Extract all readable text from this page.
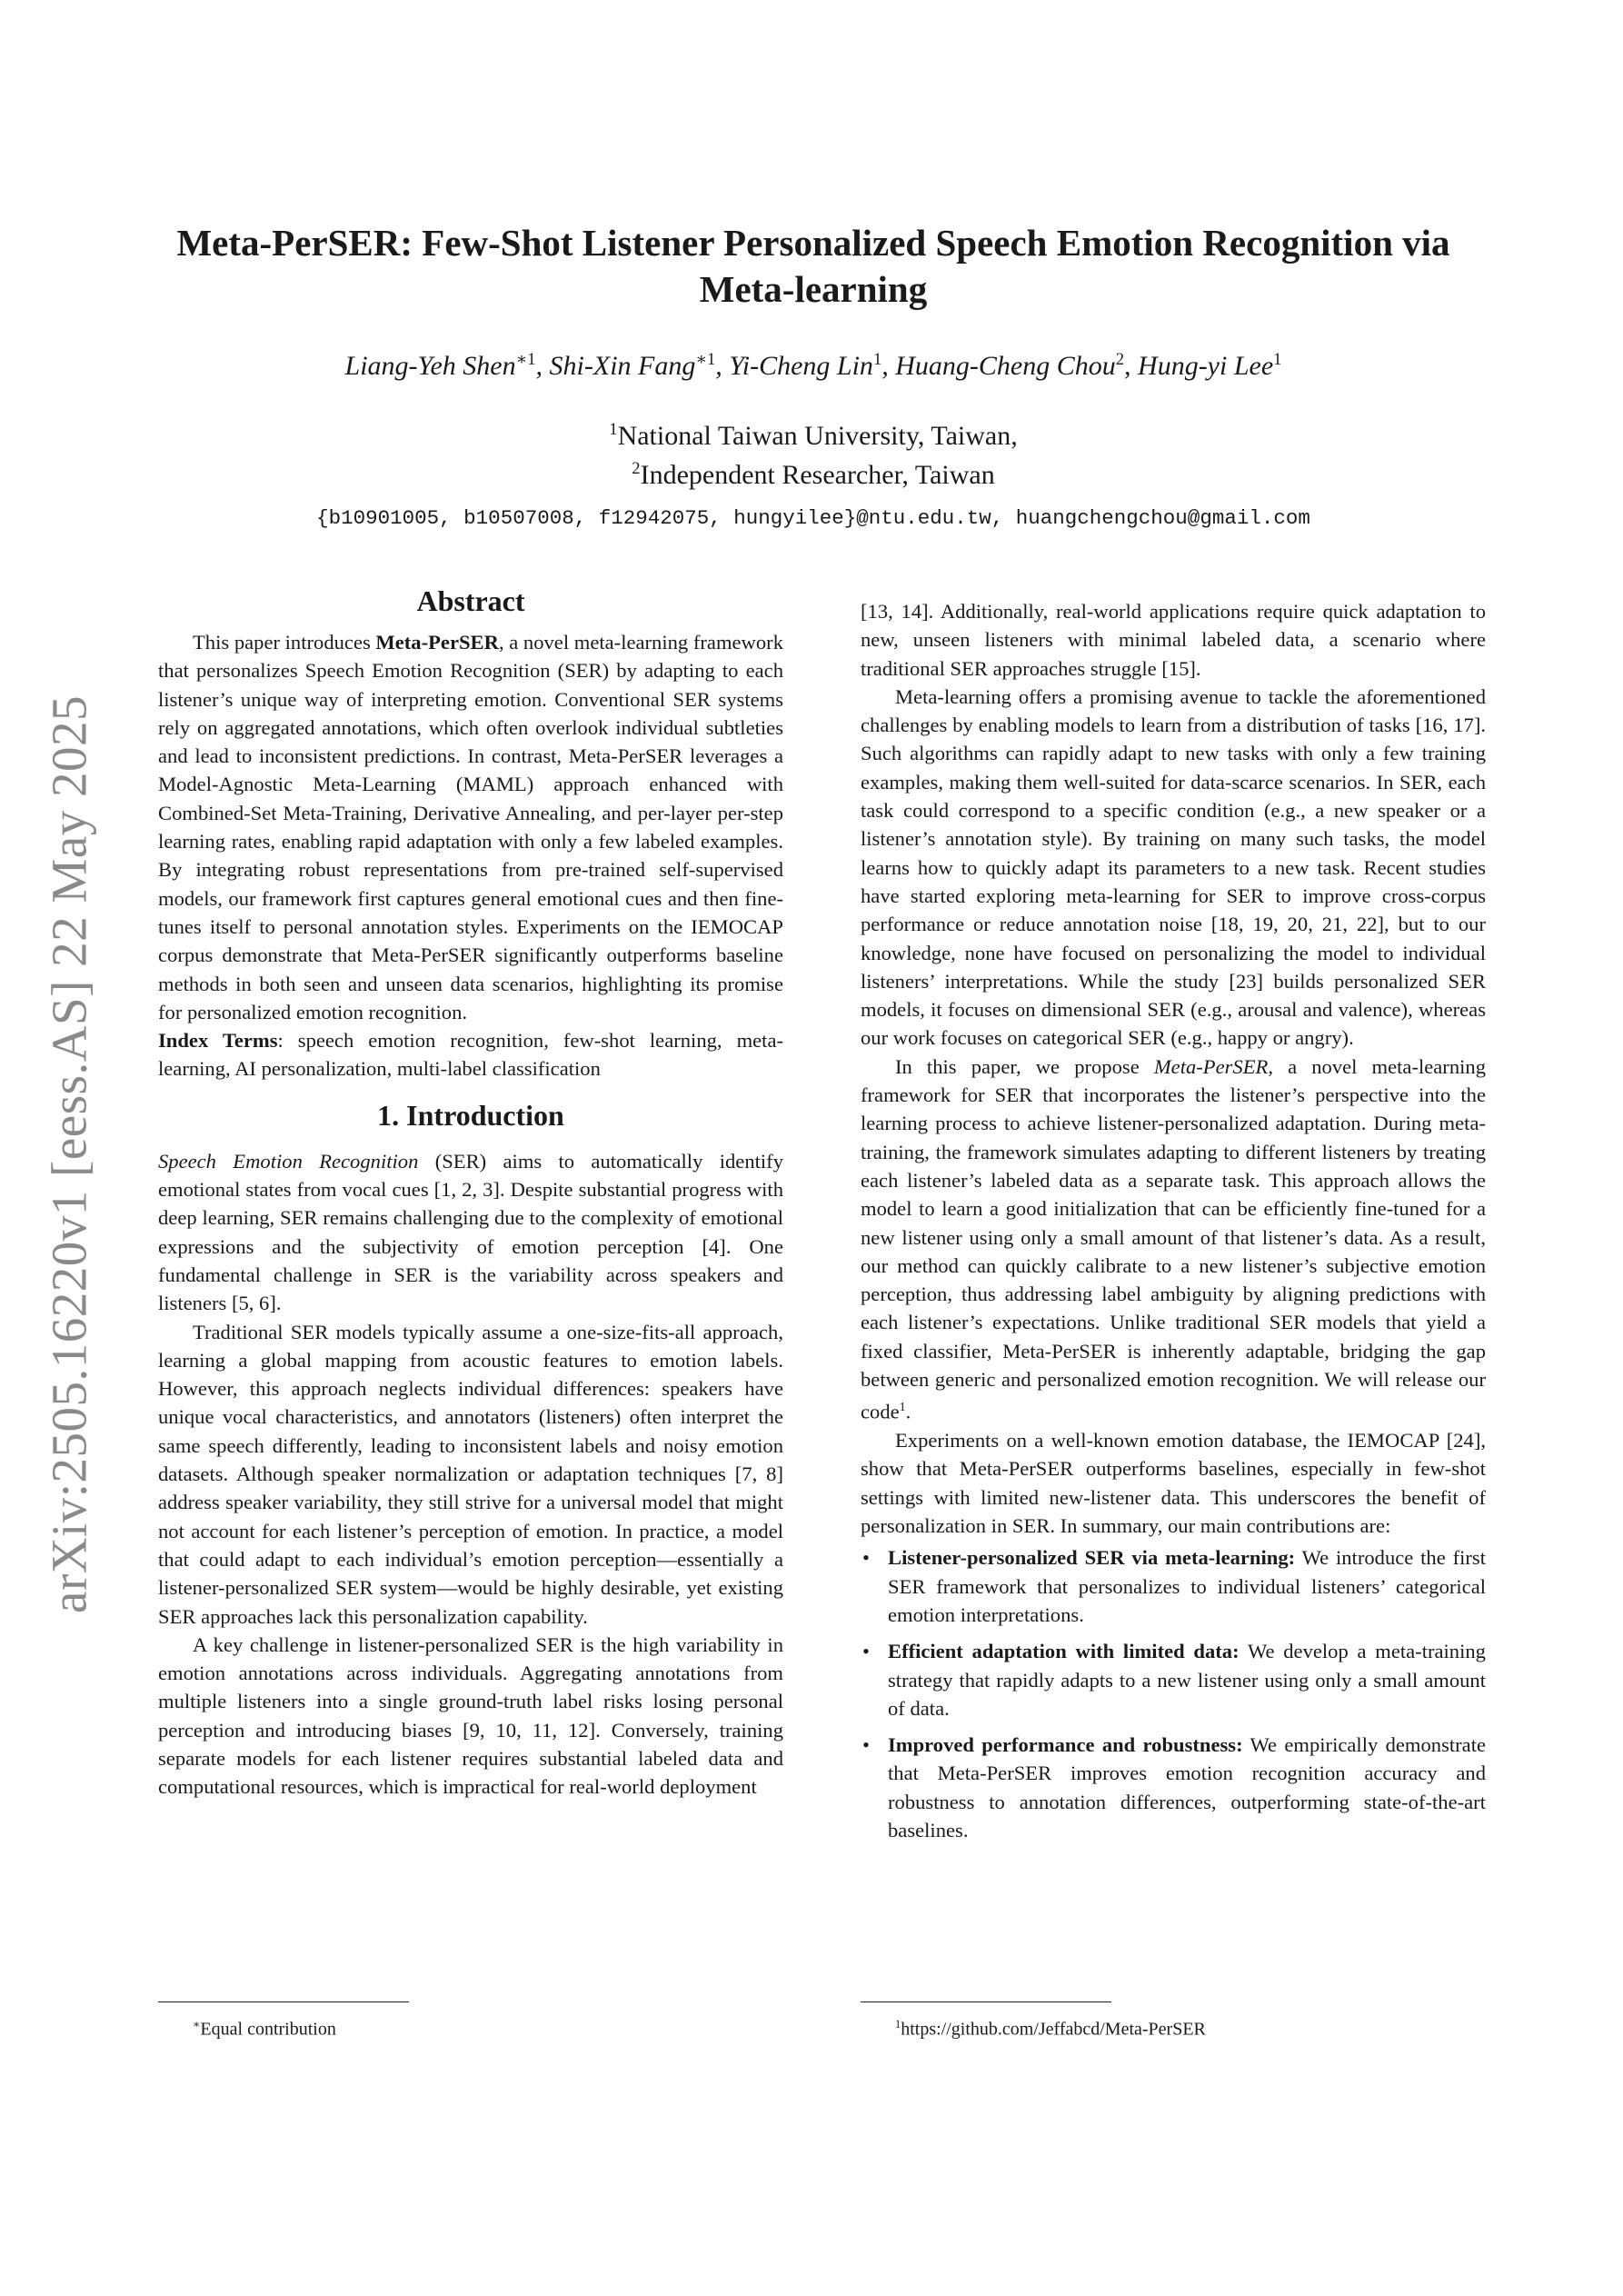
arXiv:2505.16220v1 [eess.AS] 22 May 2025
Meta-PerSER: Few-Shot Listener Personalized Speech Emotion Recognition via Meta-learning
Liang-Yeh Shen$^{∗1}$, Shi-Xin Fang$^{∗1}$, Yi-Cheng Lin$^1$, Huang-Cheng Chou$^2$, Hung-yi Lee$^1$
$^1$National Taiwan University, Taiwan,
$^2$Independent Researcher, Taiwan
{b10901005, b10507008, f12942075, hungyilee}@ntu.edu.tw, huangchengchou@gmail.com
Abstract

This paper introduces Meta-PerSER, a novel meta-learning framework that personalizes Speech Emotion Recognition (SER) by adapting to each listener’s unique way of interpreting emotion. Conventional SER systems rely on aggregated annotations, which often overlook individual subtleties and lead to inconsistent predictions. In contrast, Meta-PerSER leverages a Model-Agnostic Meta-Learning (MAML) approach enhanced with Combined-Set Meta-Training, Derivative Annealing, and per-layer per-step learning rates, enabling rapid adaptation with only a few labeled examples. By integrating robust representations from pre-trained self-supervised models, our framework first captures general emotional cues and then fine-tunes itself to personal annotation styles. Experiments on the IEMOCAP corpus demonstrate that Meta-PerSER significantly outperforms baseline methods in both seen and unseen data scenarios, highlighting its promise for personalized emotion recognition.

Index Terms: speech emotion recognition, few-shot learning, meta-learning, AI personalization, multi-label classification

1. Introduction

Speech Emotion Recognition (SER) aims to automatically identify emotional states from vocal cues [1, 2, 3]. Despite substantial progress with deep learning, SER remains challenging due to the complexity of emotional expressions and the subjectivity of emotion perception [4]. One fundamental challenge in SER is the variability across speakers and listeners [5, 6].

Traditional SER models typically assume a one-size-fits-all approach, learning a global mapping from acoustic features to emotion labels. However, this approach neglects individual differences: speakers have unique vocal characteristics, and annotators (listeners) often interpret the same speech differently, leading to inconsistent labels and noisy emotion datasets. Although speaker normalization or adaptation techniques [7, 8] address speaker variability, they still strive for a universal model that might not account for each listener’s perception of emotion. In practice, a model that could adapt to each individual’s emotion perception—essentially a listener-personalized SER system—would be highly desirable, yet existing SER approaches lack this personalization capability.

A key challenge in listener-personalized SER is the high variability in emotion annotations across individuals. Aggregating annotations from multiple listeners into a single ground-truth label risks losing personal perception and introducing biases [9, 10, 11, 12]. Conversely, training separate models for each listener requires substantial labeled data and computational resources, which is impractical for real-world deployment

[13, 14]. Additionally, real-world applications require quick adaptation to new, unseen listeners with minimal labeled data, a scenario where traditional SER approaches struggle [15].

Meta-learning offers a promising avenue to tackle the aforementioned challenges by enabling models to learn from a distribution of tasks [16, 17]. Such algorithms can rapidly adapt to new tasks with only a few training examples, making them well-suited for data-scarce scenarios. In SER, each task could correspond to a specific condition (e.g., a new speaker or a listener’s annotation style). By training on many such tasks, the model learns how to quickly adapt its parameters to a new task. Recent studies have started exploring meta-learning for SER to improve cross-corpus performance or reduce annotation noise [18, 19, 20, 21, 22], but to our knowledge, none have focused on personalizing the model to individual listeners’ interpretations. While the study [23] builds personalized SER models, it focuses on dimensional SER (e.g., arousal and valence), whereas our work focuses on categorical SER (e.g., happy or angry).

In this paper, we propose Meta-PerSER, a novel meta-learning framework for SER that incorporates the listener’s perspective into the learning process to achieve listener-personalized adaptation. During meta-training, the framework simulates adapting to different listeners by treating each listener’s labeled data as a separate task. This approach allows the model to learn a good initialization that can be efficiently fine-tuned for a new listener using only a small amount of that listener’s data. As a result, our method can quickly calibrate to a new listener’s subjective emotion perception, thus addressing label ambiguity by aligning predictions with each listener’s expectations. Unlike traditional SER models that yield a fixed classifier, Meta-PerSER is inherently adaptable, bridging the gap between generic and personalized emotion recognition. We will release our code$^1$.

Experiments on a well-known emotion database, the IEMOCAP [24], show that Meta-PerSER outperforms baselines, especially in few-shot settings with limited new-listener data. This underscores the benefit of personalization in SER. In summary, our main contributions are:

• Listener-personalized SER via meta-learning: We introduce the first SER framework that personalizes to individual listeners’ categorical emotion interpretations.
• Efficient adaptation with limited data: We develop a meta-training strategy that rapidly adapts to a new listener using only a small amount of data.
• Improved performance and robustness: We empirically demonstrate that Meta-PerSER improves emotion recognition accuracy and robustness to annotation differences, outperforming state-of-the-art baselines.
∗Equal contribution	$^1$https://github.com/Jeffabcd/Meta-PerSER
